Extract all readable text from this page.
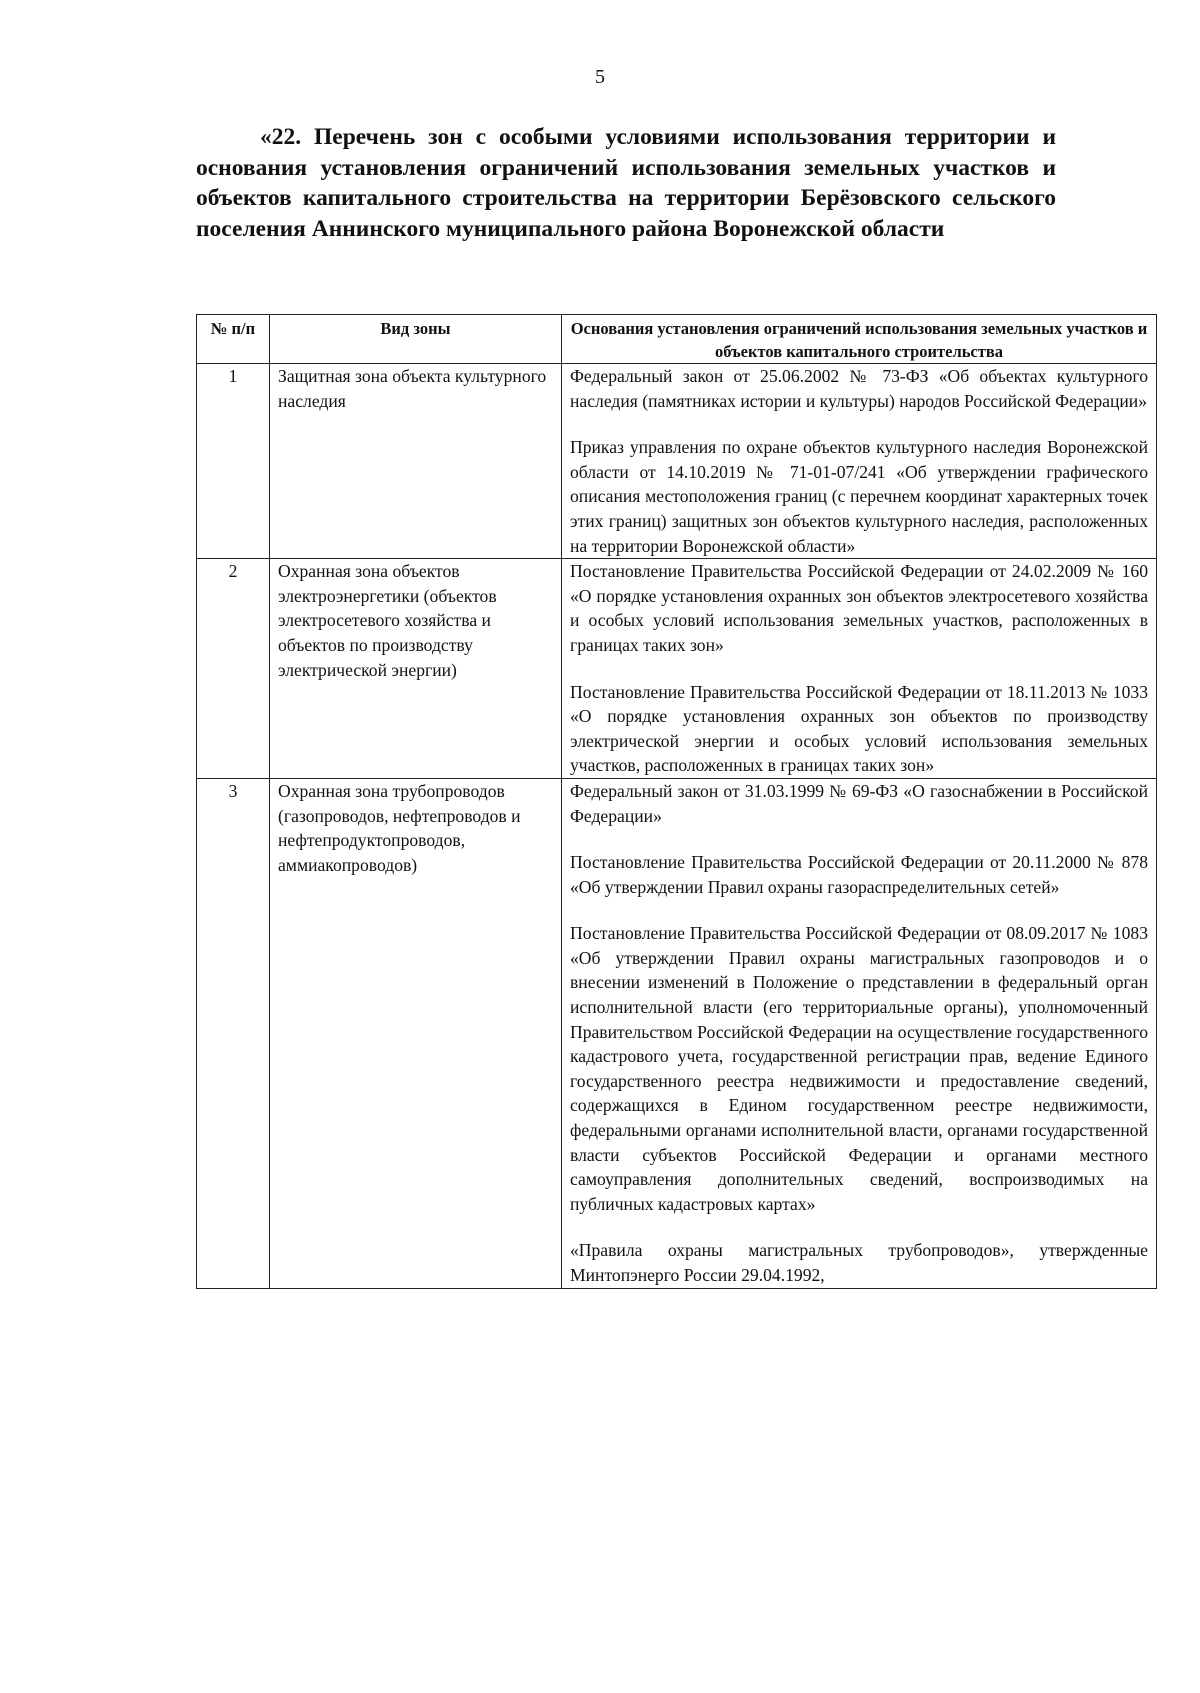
5
«22. Перечень зон с особыми условиями использования территории и основания установления ограничений использования земельных участков и объектов капитального строительства на территории Берёзовского сельского поселения Аннинского муниципального района Воронежской области
№ п/п	Вид зоны	Основания установления ограничений использования земельных участков и объектов капитального строительства
1	Защитная зона объекта культурного наследия	Федеральный закон от 25.06.2002 № 73-ФЗ «Об объектах культурного наследия (памятниках истории и культуры) народов Российской Федерации»
Приказ управления по охране объектов культурного наследия Воронежской области от 14.10.2019 № 71-01-07/241 «Об утверждении графического описания местоположения границ (с перечнем координат характерных точек этих границ) защитных зон объектов культурного наследия, расположенных на территории Воронежской области»

2	Охранная зона объектов электроэнергетики (объектов электросетевого хозяйства и объектов по производству электрической энергии)	Постановление Правительства Российской Федерации от 24.02.2009 № 160 «О порядке установления охранных зон объектов электросетевого хозяйства и особых условий использования земельных участков, расположенных в границах таких зон»
Постановление Правительства Российской Федерации от 18.11.2013 № 1033 «О порядке установления охранных зон объектов по производству электрической энергии и особых условий использования земельных участков, расположенных в границах таких зон»

3	Охранная зона трубопроводов (газопроводов, нефтепроводов и нефтепродуктопроводов, аммиакопроводов)	Федеральный закон от 31.03.1999 № 69-ФЗ «О газоснабжении в Российской Федерации»
Постановление Правительства Российской Федерации от 20.11.2000 № 878 «Об утверждении Правил охраны газораспределительных сетей»
Постановление Правительства Российской Федерации от 08.09.2017 № 1083 «Об утверждении Правил охраны магистральных газопроводов и о внесении изменений в Положение о представлении в федеральный орган исполнительной власти (его территориальные органы), уполномоченный Правительством Российской Федерации на осуществление государственного кадастрового учета, государственной регистрации прав, ведение Единого государственного реестра недвижимости и предоставление сведений, содержащихся в Едином государственном реестре недвижимости, федеральными органами исполнительной власти, органами государственной власти субъектов Российской Федерации и органами местного самоуправления дополнительных сведений, воспроизводимых на публичных кадастровых картах»
«Правила охраны магистральных трубопроводов», утвержденные Минтопэнерго России 29.04.1992,
